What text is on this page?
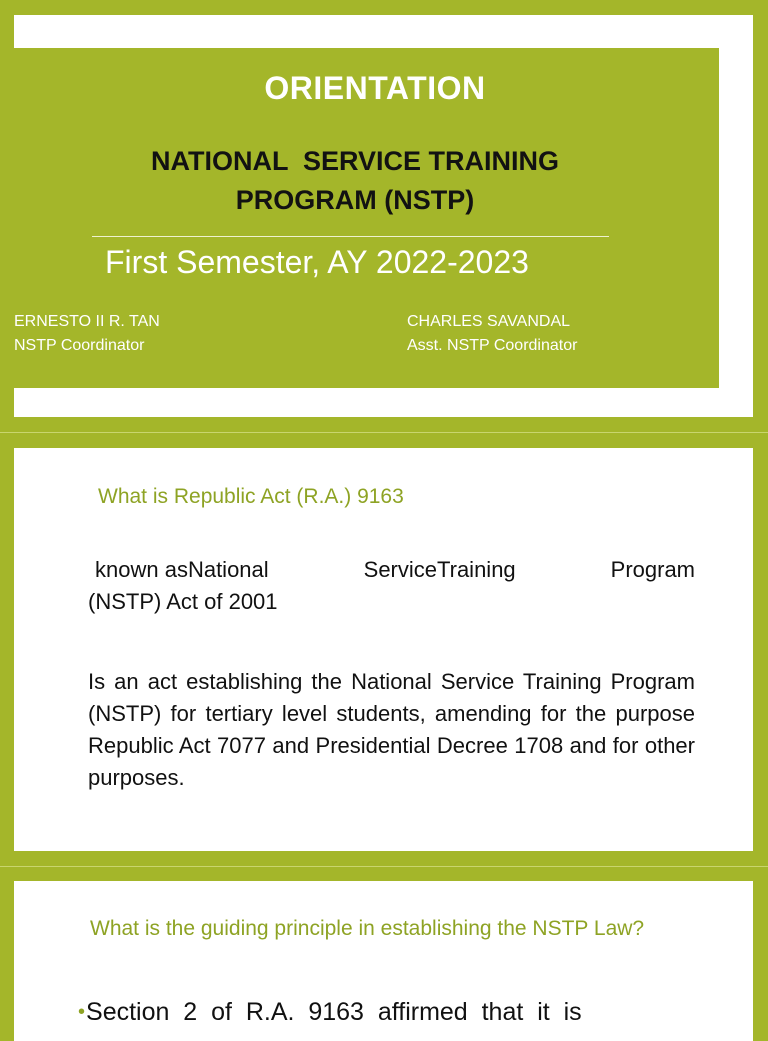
ORIENTATION
NATIONAL  SERVICE TRAINING
PROGRAM (NSTP)
First Semester, AY 2022-2023
ERNESTO II R. TAN
NSTP Coordinator
CHARLES SAVANDAL
Asst. NSTP Coordinator
What is Republic Act (R.A.) 9163
known asNational	ServiceTraining	Program
(NSTP) Act of 2001
Is an act establishing the National Service Training Program (NSTP) for tertiary level students, amending for the purpose Republic Act 7077 and Presidential Decree 1708 and for other purposes.
What is the guiding principle in establishing the NSTP Law?
•Section  2  of  R.A.  9163  affirmed  that  it  is
